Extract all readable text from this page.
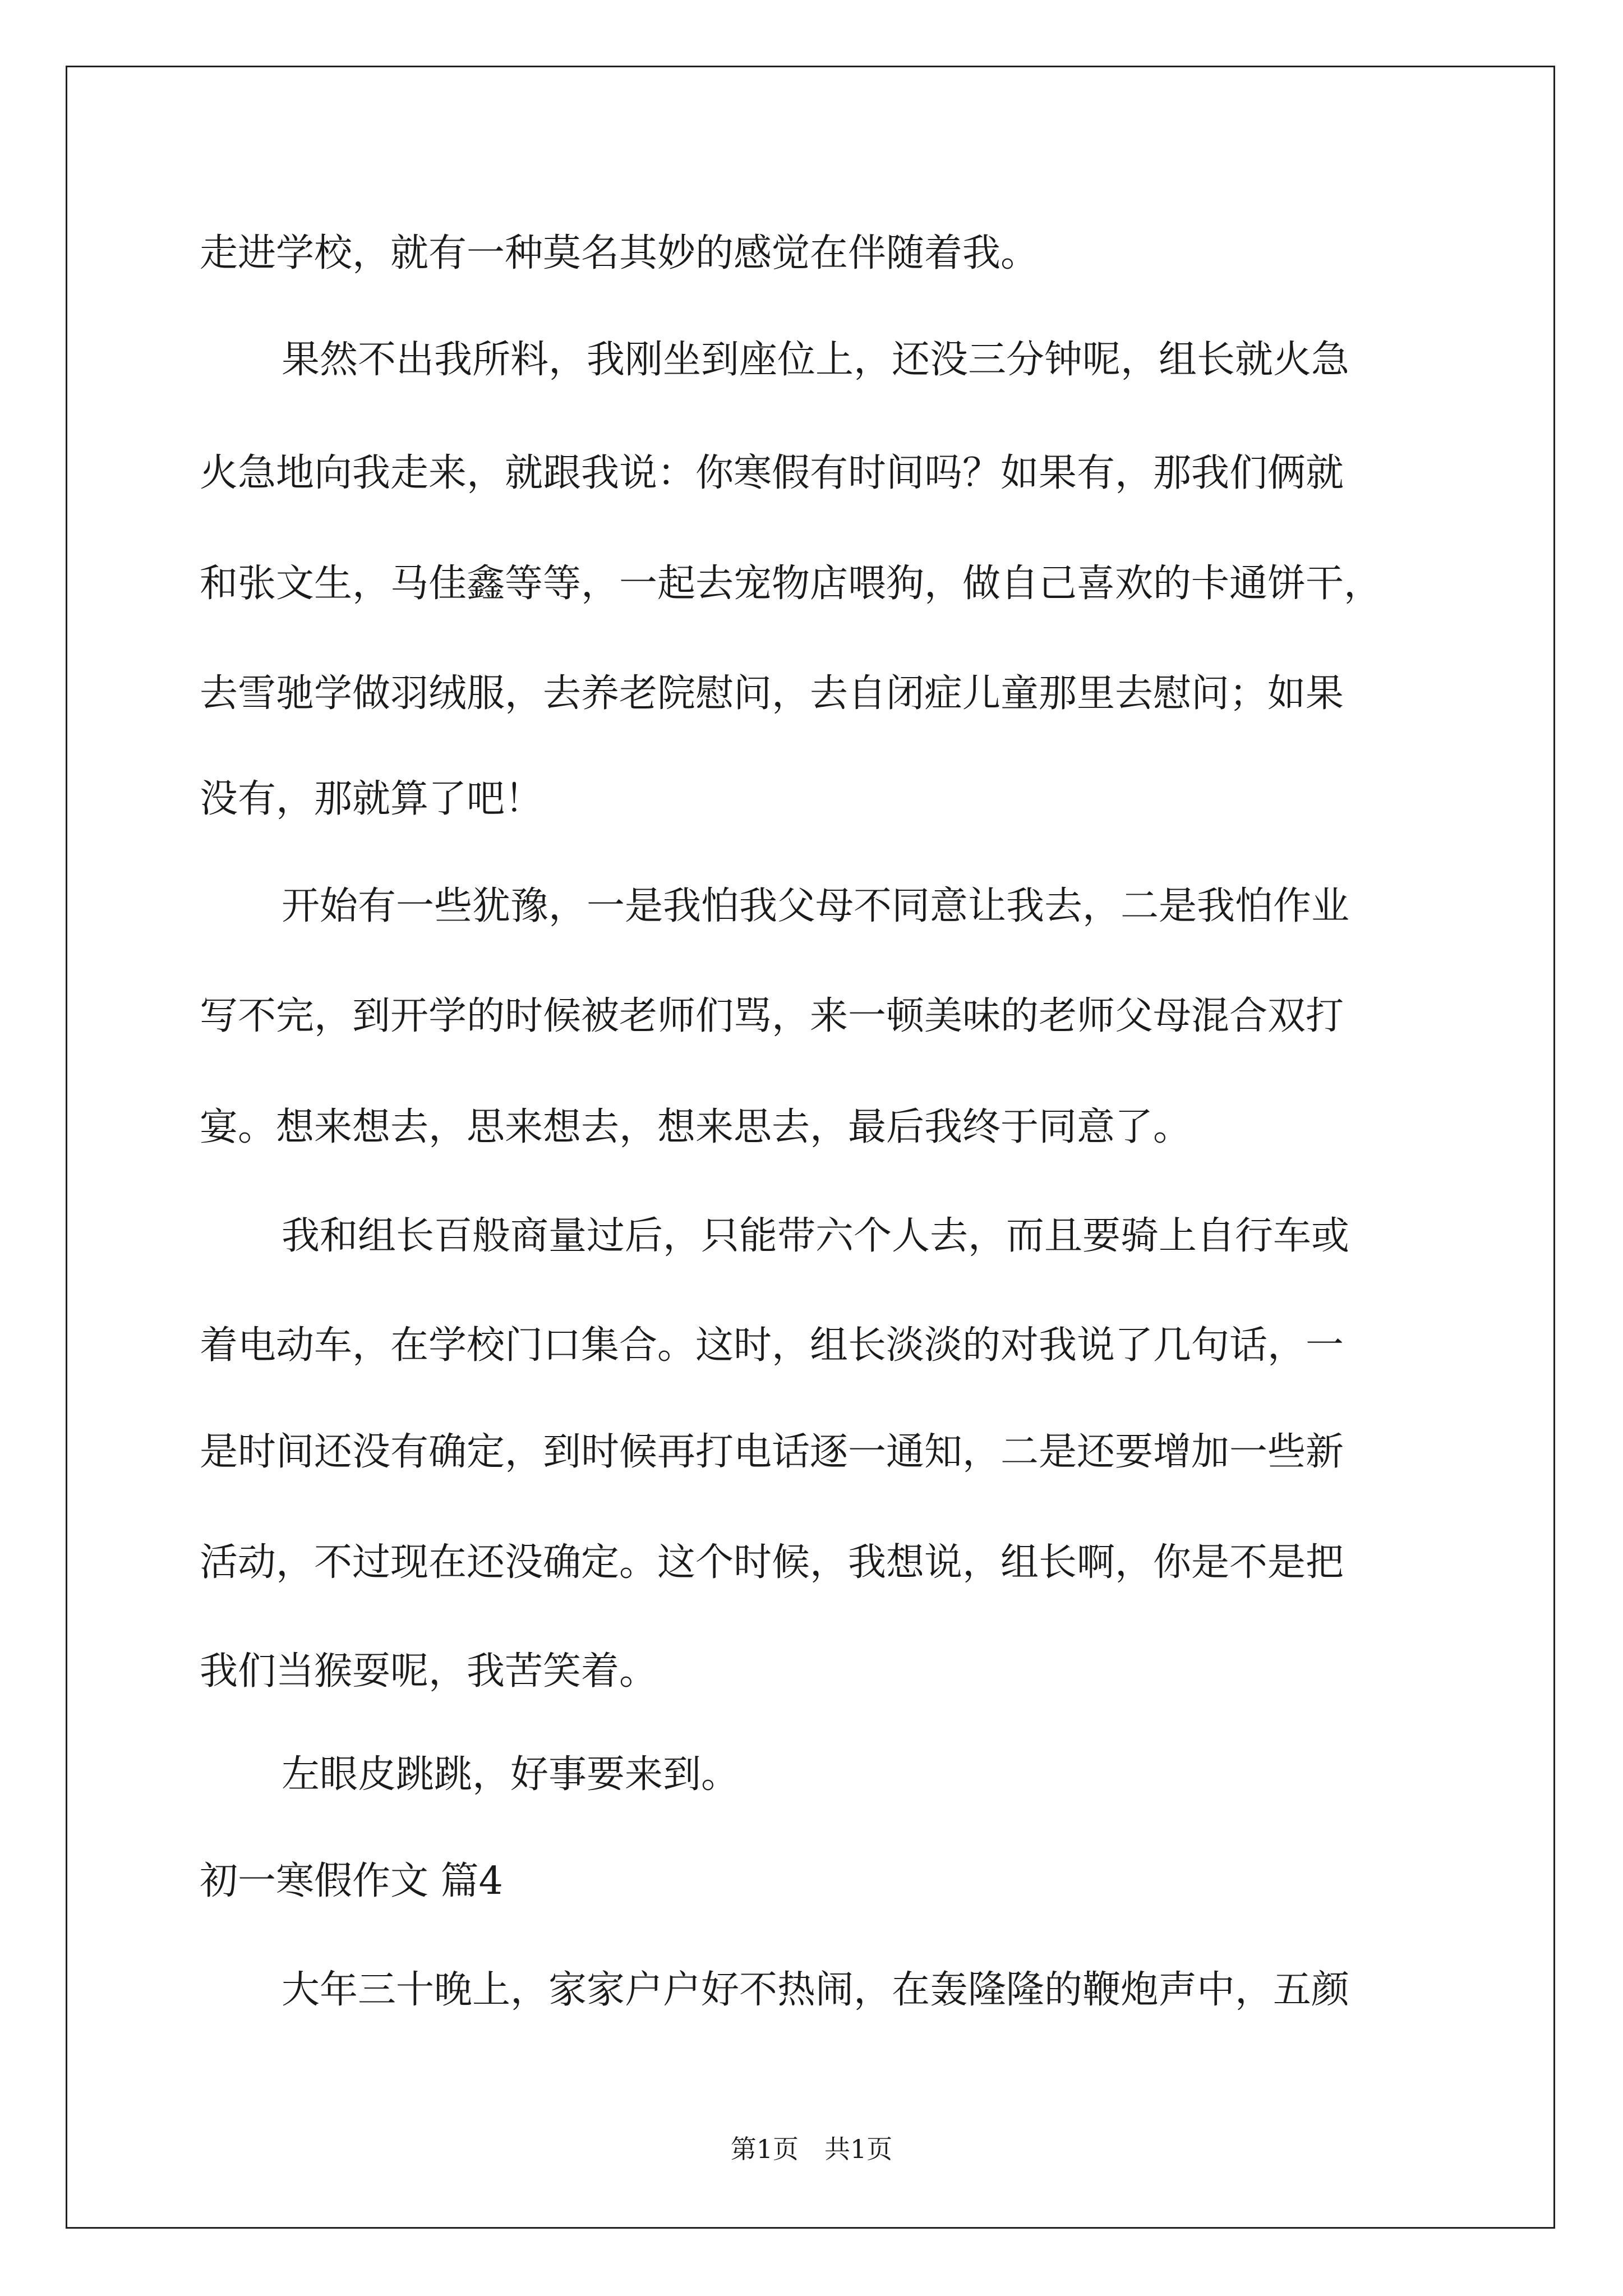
走进学校，就有一种莫名其妙的感觉在伴随着我。
果然不出我所料，我刚坐到座位上，还没三分钟呢，组长就火急
火急地向我走来，就跟我说：你寒假有时间吗？如果有，那我们俩就
和张文生，马佳鑫等等，一起去宠物店喂狗，做自己喜欢的卡通饼干，
去雪驰学做羽绒服，去养老院慰问，去自闭症儿童那里去慰问；如果
没有，那就算了吧！
开始有一些犹豫，一是我怕我父母不同意让我去，二是我怕作业
写不完，到开学的时候被老师们骂，来一顿美味的老师父母混合双打
宴。想来想去，思来想去，想来思去，最后我终于同意了。
我和组长百般商量过后，只能带六个人去，而且要骑上自行车或
着电动车，在学校门口集合。这时，组长淡淡的对我说了几句话，一
是时间还没有确定，到时候再打电话逐一通知，二是还要增加一些新
活动，不过现在还没确定。这个时候，我想说，组长啊，你是不是把
我们当猴耍呢，我苦笑着。
左眼皮跳跳，好事要来到。
初一寒假作文 篇4
大年三十晚上，家家户户好不热闹，在轰隆隆的鞭炮声中，五颜
第1页　共1页
